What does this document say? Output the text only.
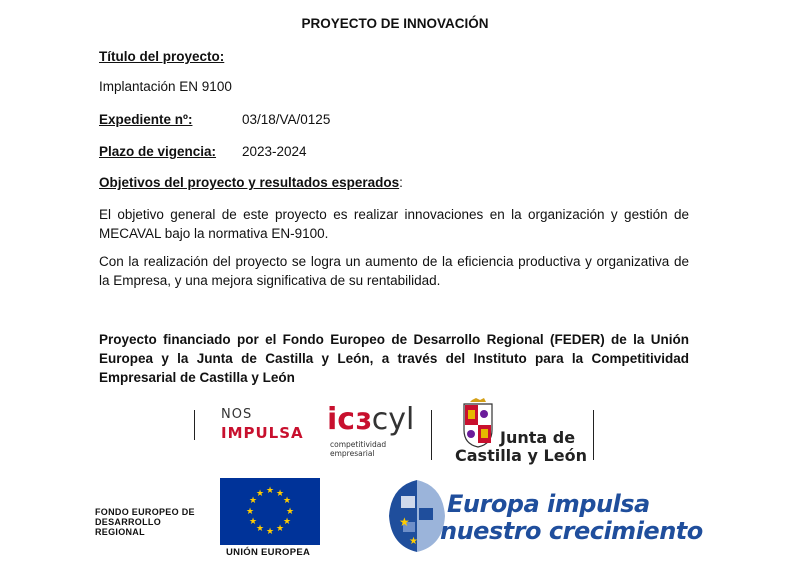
PROYECTO DE INNOVACIÓN
Título del proyecto:
Implantación EN 9100
Expediente nº:	03/18/VA/0125
Plazo de vigencia: 2023-2024
Objetivos del proyecto y resultados esperados:
El objetivo general de este proyecto es realizar innovaciones en la organización y gestión de MECAVAL bajo la normativa EN-9100.
Con la realización del proyecto se logra un aumento de la eficiencia productiva y organizativa de la Empresa, y una mejora significativa de su rentabilidad.
Proyecto financiado por el Fondo Europeo de Desarrollo Regional (FEDER) de la Unión Europea y la Junta de Castilla y León, a través del Instituto para la Competitividad Empresarial de Castilla y León
NOS
IMPULSA icɛcyl
competitividad
empresarial
Junta de
Castilla y León
FONDO EUROPEO DE
DESARROLLO
REGIONAL
★ ★
★
★
★
★
★
★
★
★
★
★
UNIÓN EUROPEA
★
★
Europa impulsa
nuestro crecimiento
